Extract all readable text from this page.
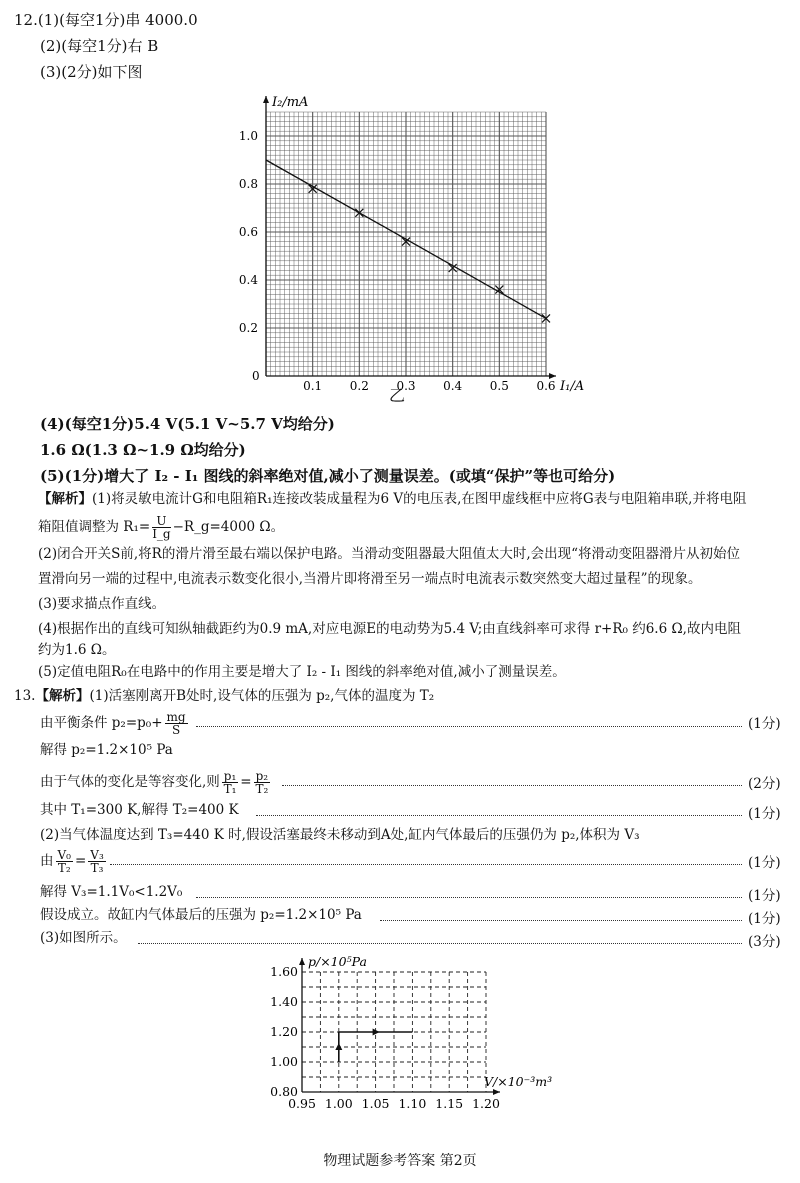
12.(1)(每空1分)串 4000.0
(2)(每空1分)右 B
(3)(2分)如下图
I₂/mA
I₁/A
0
0.1 0.2 0.3 0.4 0.5 0.6
0.2
0.4
0.6
0.8
1.0
乙
(4)(每空1分)5.4 V(5.1 V~5.7 V均给分)
1.6 Ω(1.3 Ω~1.9 Ω均给分)
(5)(1分)增大了 I₂ - I₁ 图线的斜率绝对值,减小了测量误差。(或填“保护”等也可给分)
【解析】(1)将灵敏电流计G和电阻箱R₁连接改装成量程为6 V的电压表,在图甲虚线框中应将G表与电阻箱串联,并将电阻
箱阻值调整为 $R_1= \frac{U}{I\_g}$ −R_g=4000 Ω。
(2)闭合开关S前,将R的滑片滑至最右端以保护电路。当滑动变阻器最大阻值太大时,会出现“将滑动变阻器滑片从初始位
置滑向另一端的过程中,电流表示数变化很小,当滑片即将滑至另一端点时电流表示数突然变大超过量程”的现象。
(3)要求描点作直线。
(4)根据作出的直线可知纵轴截距约为0.9 mA,对应电源E的电动势为5.4 V;由直线斜率可求得 r+R₀ 约6.6 Ω,故内电阻
约为1.6 Ω。
(5)定值电阻R₀在电路中的作用主要是增大了 I₂ - I₁ 图线的斜率绝对值,减小了测量误差。
13.【解析】(1)活塞刚离开B处时,设气体的压强为 p₂,气体的温度为 T₂
由平衡条件 $p_2=p_0+ \frac{mg}{S}$	(1分)
解得 p₂=1.2×10⁵ Pa
由于气体的变化是等容变化,则 $\frac{\text{p₁}}{\text{T₁}} = \frac{\text{p₂}}{\text{T₂}}$	(2分)
其中 T₁=300 K,解得 T₂=400 K	(1分)
(2)当气体温度达到 T₃=440 K 时,假设活塞最终未移动到A处,缸内气体最后的压强仍为 p₂,体积为 V₃
由 $\frac{\text{V₀}}{\text{T₂}} = \frac{\text{V₃}}{\text{T₃}}$	(1分)
解得 V₃=1.1V₀<1.2V₀	(1分)
假设成立。故缸内气体最后的压强为 p₂=1.2×10⁵ Pa	(1分)
(3)如图所示。	(3分)
p/×10⁵Pa
V/×10⁻³m³
0.95 1.00 1.05 1.10 1.15 1.20
0.80
1.00
1.20
1.40
1.60
物理试题参考答案 第2页
